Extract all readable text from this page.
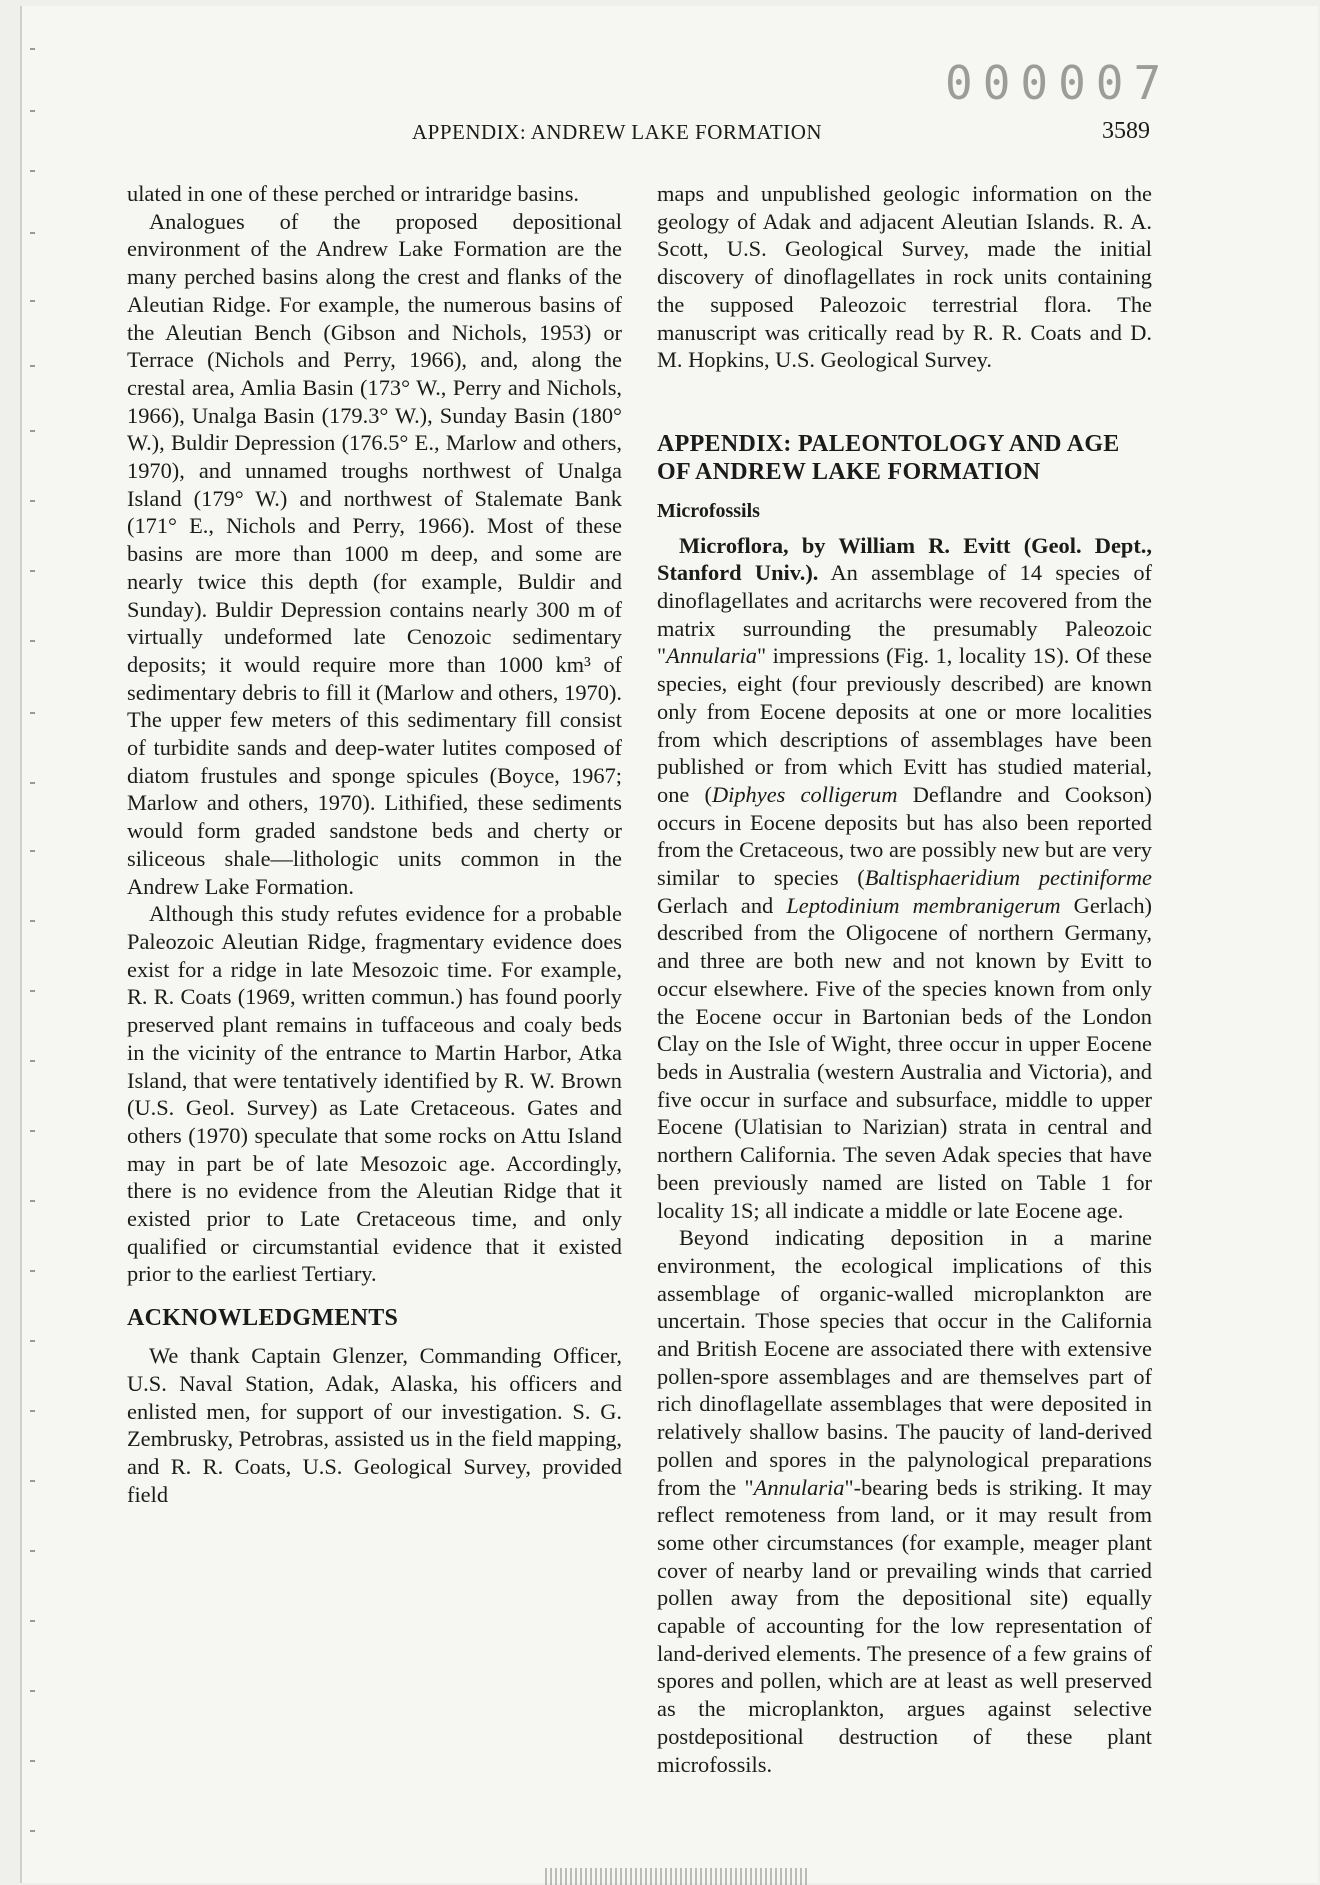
000007
APPENDIX: ANDREW LAKE FORMATION	3589

ulated in one of these perched or intraridge basins.

Analogues of the proposed depositional environment of the Andrew Lake Formation are the many perched basins along the crest and flanks of the Aleutian Ridge. For example, the numerous basins of the Aleutian Bench (Gibson and Nichols, 1953) or Terrace (Nichols and Perry, 1966), and, along the crestal area, Amlia Basin (173° W., Perry and Nichols, 1966), Unalga Basin (179.3° W.), Sunday Basin (180° W.), Buldir Depression (176.5° E., Marlow and others, 1970), and unnamed troughs northwest of Unalga Island (179° W.) and northwest of Stalemate Bank (171° E., Nichols and Perry, 1966). Most of these basins are more than 1000 m deep, and some are nearly twice this depth (for example, Buldir and Sunday). Buldir Depression contains nearly 300 m of virtually undeformed late Cenozoic sedimentary deposits; it would require more than 1000 km³ of sedimentary debris to fill it (Marlow and others, 1970). The upper few meters of this sedimentary fill consist of turbidite sands and deep-water lutites composed of diatom frustules and sponge spicules (Boyce, 1967; Marlow and others, 1970). Lithified, these sediments would form graded sandstone beds and cherty or siliceous shale—lithologic units common in the Andrew Lake Formation.

Although this study refutes evidence for a probable Paleozoic Aleutian Ridge, fragmentary evidence does exist for a ridge in late Mesozoic time. For example, R. R. Coats (1969, written commun.) has found poorly preserved plant remains in tuffaceous and coaly beds in the vicinity of the entrance to Martin Harbor, Atka Island, that were tentatively identified by R. W. Brown (U.S. Geol. Survey) as Late Cretaceous. Gates and others (1970) speculate that some rocks on Attu Island may in part be of late Mesozoic age. Accordingly, there is no evidence from the Aleutian Ridge that it existed prior to Late Cretaceous time, and only qualified or circumstantial evidence that it existed prior to the earliest Tertiary.

ACKNOWLEDGMENTS

We thank Captain Glenzer, Commanding Officer, U.S. Naval Station, Adak, Alaska, his officers and enlisted men, for support of our investigation. S. G. Zembrusky, Petrobras, assisted us in the field mapping, and R. R. Coats, U.S. Geological Survey, provided field

maps and unpublished geologic information on the geology of Adak and adjacent Aleutian Islands. R. A. Scott, U.S. Geological Survey, made the initial discovery of dinoflagellates in rock units containing the supposed Paleozoic terrestrial flora. The manuscript was critically read by R. R. Coats and D. M. Hopkins, U.S. Geological Survey.

APPENDIX: PALEONTOLOGY AND AGE OF ANDREW LAKE FORMATION
Microfossils

Microflora, by William R. Evitt (Geol. Dept., Stanford Univ.). An assemblage of 14 species of dinoflagellates and acritarchs were recovered from the matrix surrounding the presumably Paleozoic "Annularia" impressions (Fig. 1, locality 1S). Of these species, eight (four previously described) are known only from Eocene deposits at one or more localities from which descriptions of assemblages have been published or from which Evitt has studied material, one (Diphyes colligerum Deflandre and Cookson) occurs in Eocene deposits but has also been reported from the Cretaceous, two are possibly new but are very similar to species (Baltisphaeridium pectiniforme Gerlach and Leptodinium membranigerum Gerlach) described from the Oligocene of northern Germany, and three are both new and not known by Evitt to occur elsewhere. Five of the species known from only the Eocene occur in Bartonian beds of the London Clay on the Isle of Wight, three occur in upper Eocene beds in Australia (western Australia and Victoria), and five occur in surface and subsurface, middle to upper Eocene (Ulatisian to Narizian) strata in central and northern California. The seven Adak species that have been previously named are listed on Table 1 for locality 1S; all indicate a middle or late Eocene age.

Beyond indicating deposition in a marine environment, the ecological implications of this assemblage of organic-walled microplankton are uncertain. Those species that occur in the California and British Eocene are associated there with extensive pollen-spore assemblages and are themselves part of rich dinoflagellate assemblages that were deposited in relatively shallow basins. The paucity of land-derived pollen and spores in the palynological preparations from the "Annularia"-bearing beds is striking. It may reflect remoteness from land, or it may result from some other circumstances (for example, meager plant cover of nearby land or prevailing winds that carried pollen away from the depositional site) equally capable of accounting for the low representation of land-derived elements. The presence of a few grains of spores and pollen, which are at least as well preserved as the microplankton, argues against selective postdepositional destruction of these plant microfossils.
